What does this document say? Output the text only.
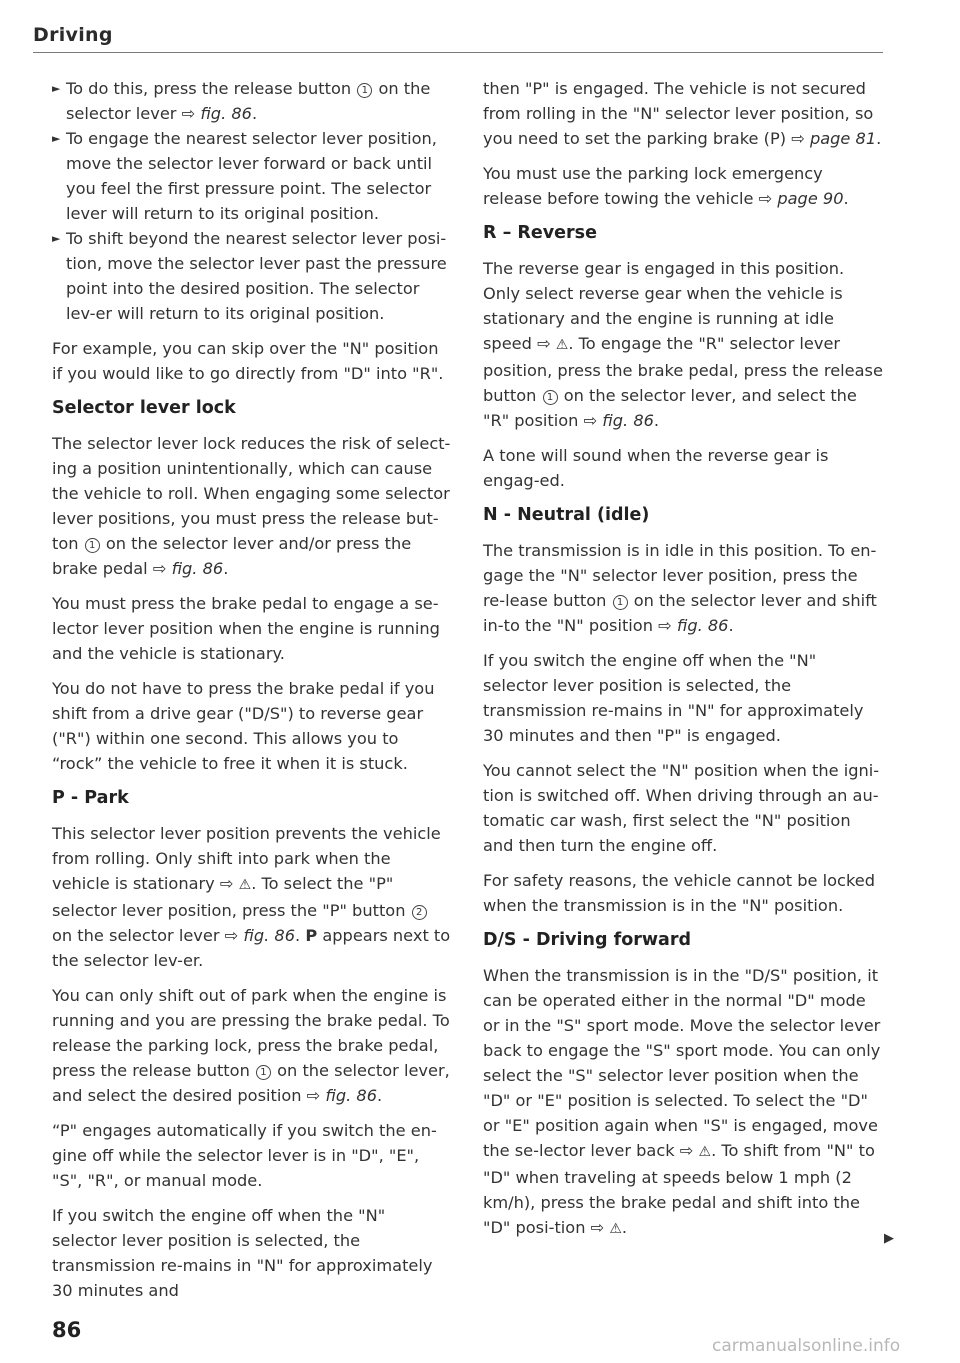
Driving
► To do this, press the release button 1 on the selector lever ⇨ fig. 86.
► To engage the nearest selector lever position, move the selector lever forward or back until you feel the first pressure point. The selector lever will return to its original position.
► To shift beyond the nearest selector lever posi-tion, move the selector lever past the pressure point into the desired position. The selector lev-er will return to its original position.

For example, you can skip over the "N" position if you would like to go directly from "D" into "R".

Selector lever lock

The selector lever lock reduces the risk of select-ing a position unintentionally, which can cause the vehicle to roll. When engaging some selector lever positions, you must press the release but-ton 1 on the selector lever and/or press the brake pedal ⇨ fig. 86.

You must press the brake pedal to engage a se-lector lever position when the engine is running and the vehicle is stationary.

You do not have to press the brake pedal if you shift from a drive gear ("D/S") to reverse gear ("R") within one second. This allows you to “rock” the vehicle to free it when it is stuck.

P - Park

This selector lever position prevents the vehicle from rolling. Only shift into park when the vehicle is stationary ⇨ ⚠. To select the "P" selector lever position, press the "P" button 2 on the selector lever ⇨ fig. 86. P appears next to the selector lev-er.

You can only shift out of park when the engine is running and you are pressing the brake pedal. To release the parking lock, press the brake pedal, press the release button 1 on the selector lever, and select the desired position ⇨ fig. 86.

“P" engages automatically if you switch the en-gine off while the selector lever is in "D", "E", "S", "R", or manual mode.

If you switch the engine off when the "N" selector lever position is selected, the transmission re-mains in "N" for approximately 30 minutes and

then "P" is engaged. The vehicle is not secured from rolling in the "N" selector lever position, so you need to set the parking brake (P) ⇨ page 81.

You must use the parking lock emergency release before towing the vehicle ⇨ page 90.

R – Reverse

The reverse gear is engaged in this position. Only select reverse gear when the vehicle is stationary and the engine is running at idle speed ⇨ ⚠. To engage the "R" selector lever position, press the brake pedal, press the release button 1 on the selector lever, and select the "R" position ⇨ fig. 86.

A tone will sound when the reverse gear is engag-ed.

N - Neutral (idle)

The transmission is in idle in this position. To en-gage the "N" selector lever position, press the re-lease button 1 on the selector lever and shift in-to the "N" position ⇨ fig. 86.

If you switch the engine off when the "N" selector lever position is selected, the transmission re-mains in "N" for approximately 30 minutes and then "P" is engaged.

You cannot select the "N" position when the igni-tion is switched off. When driving through an au-tomatic car wash, first select the "N" position and then turn the engine off.

For safety reasons, the vehicle cannot be locked when the transmission is in the "N" position.

D/S - Driving forward

When the transmission is in the "D/S" position, it can be operated either in the normal "D" mode or in the "S" sport mode. Move the selector lever back to engage the "S" sport mode. You can only select the "S" selector lever position when the "D" or "E" position is selected. To select the "D" or "E" position again when "S" is engaged, move the se-lector lever back ⇨ ⚠. To shift from "N" to "D" when traveling at speeds below 1 mph (2 km/h), press the brake pedal and shift into the "D" posi-tion ⇨ ⚠.

▶
86
carmanualsonline.info
